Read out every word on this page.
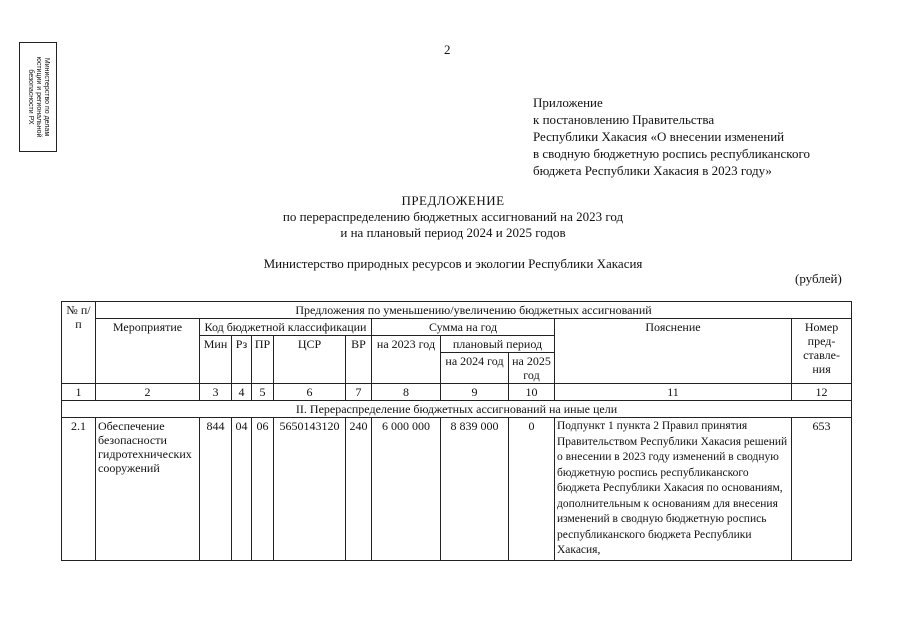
Министерство по делам
юстиции и региональной
безопасности РХ
2
Приложение
к постановлению Правительства
Республики Хакасия «О внесении изменений
в сводную бюджетную роспись республиканского
бюджета Республики Хакасия в 2023 году»
ПРЕДЛОЖЕНИЕ
по перераспределению бюджетных ассигнований на 2023 год
и на плановый период 2024 и 2025 годов
Министерство природных ресурсов и экологии Республики Хакасия
(рублей)
№ п/п	Предложения по уменьшению/увеличению бюджетных ассигнований										
	Мероприятие	Код бюджетной классификации					Сумма на год			Пояснение	Номер пред-ставле-ния
		Мин	Рз	ПР	ЦСР	ВР	на 2023 год	плановый период			
								на 2024 год	на 2025 год		
1	2	3	4	5	6	7	8	9	10	11	12
II. Перераспределение бюджетных ассигнований на иные цели											
2.1	Обеспечение безопасности гидротехнических сооружений	844	04	06	5650143120	240	6 000 000	8 839 000	0	Подпункт 1 пункта 2 Правил принятия Правительством Республики Хакасия решений о внесении в 2023 году изменений в сводную бюджетную роспись республиканского бюджета Республики Хакасия по основаниям, дополнительным к основаниям для внесения изменений в сводную бюджетную роспись республиканского бюджета Республики Хакасия,	653
